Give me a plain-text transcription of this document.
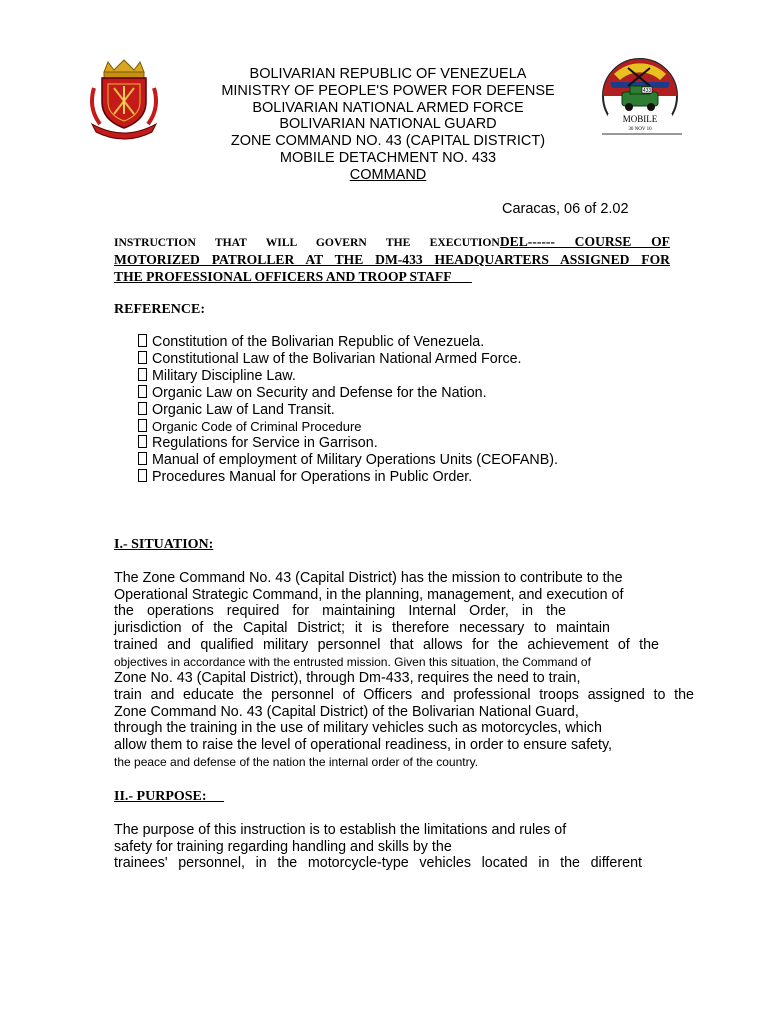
BOLIVARIAN REPUBLIC OF VENEZUELA
MINISTRY OF PEOPLE'S POWER FOR DEFENSE
BOLIVARIAN NATIONAL ARMED FORCE
BOLIVARIAN NATIONAL GUARD
ZONE COMMAND NO. 43 (CAPITAL DISTRICT)
MOBILE DETACHMENT NO. 433
COMMAND
433
MOBILE
30 NOV 10
Caracas, 06 of 2.02
INSTRUCTION THAT WILL GOVERN THE EXECUTIONDEL------ COURSE OF
MOTORIZED PATROLLER AT THE DM-433 HEADQUARTERS ASSIGNED FOR
THE PROFESSIONAL OFFICERS AND TROOP STAFF
REFERENCE:
Constitution of the Bolivarian Republic of Venezuela.
Constitutional Law of the Bolivarian National Armed Force.
Military Discipline Law.
Organic Law on Security and Defense for the Nation.
Organic Law of Land Transit.
Organic Code of Criminal Procedure
Regulations for Service in Garrison.
Manual of employment of Military Operations Units (CEOFANB).
Procedures Manual for Operations in Public Order.
I.- SITUATION:
The Zone Command No. 43 (Capital District) has the mission to contribute to the
Operational Strategic Command, in the planning, management, and execution of
the operations required for maintaining Internal Order, in the
jurisdiction of the Capital District; it is therefore necessary to maintain
trained and qualified military personnel that allows for the achievement of the
objectives in accordance with the entrusted mission. Given this situation, the Command of
Zone No. 43 (Capital District), through Dm-433, requires the need to train,
train and educate the personnel of Officers and professional troops assigned to the
Zone Command No. 43 (Capital District) of the Bolivarian National Guard,
through the training in the use of military vehicles such as motorcycles, which
allow them to raise the level of operational readiness, in order to ensure safety,
the peace and defense of the nation the internal order of the country.
II.- PURPOSE:
The purpose of this instruction is to establish the limitations and rules of
safety for training regarding handling and skills by the
trainees' personnel, in the motorcycle-type vehicles located in the different
